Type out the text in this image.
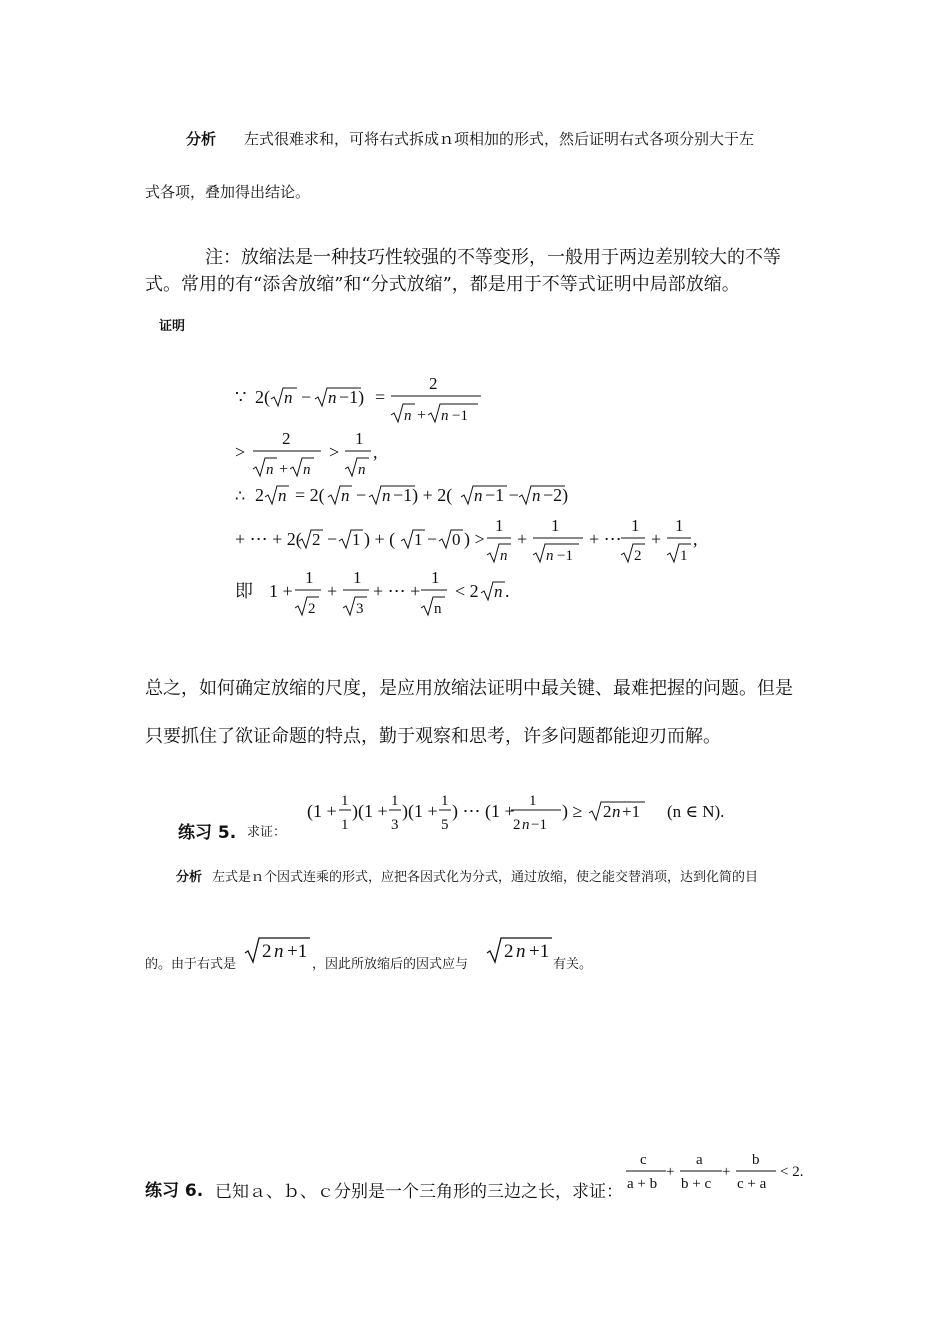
分析 左式很难求和，可将右式拆成ｎ项相加的形式，然后证明右式各项分别大于左
式各项，叠加得出结论。
注：放缩法是一种技巧性较强的不等变形，一般用于两边差别较大的不等
式。常用的有“添舍放缩”和“分式放缩”，都是用于不等式证明中局部放缩。
证明
∵ 2( n − n −1) =
2
n + n −1
>
2
n + n
>
1
n
,
∴ 2 n = 2( n − n −1) + 2( n −1 − n −2)
+ ⋯ + 2( 2 − 1 ) + ( 1 − 0 ) >
1
n
+
1
n −1
+ ⋯
1
2
+
1
1
,
即 1 +
1
2
+
1
3
+ ⋯ +
1
n
< 2 n .
总之，如何确定放缩的尺度，是应用放缩法证明中最关键、最难把握的问题。但是
只要抓住了欲证命题的特点，勤于观察和思考，许多问题都能迎刃而解。
练习 5. 求证：
(1 + 1
1
)(1 + 1
3
)(1 + 1
5
) ⋯ (1 + 1
2 n −1
) ≥ 2 n +1 (n ∈ N).
分析 左式是ｎ个因式连乘的形式，应把各因式化为分式，通过放缩，使之能交替消项，达到化简的目
的。由于右式是
2 n +1
，因此所放缩后的因式应与
2 n +1
有关。
练习 6. 已知ａ、ｂ、ｃ分别是一个三角形的三边之长，求证：
c
a + b
+
a
b + c
+
b
c + a
< 2.
